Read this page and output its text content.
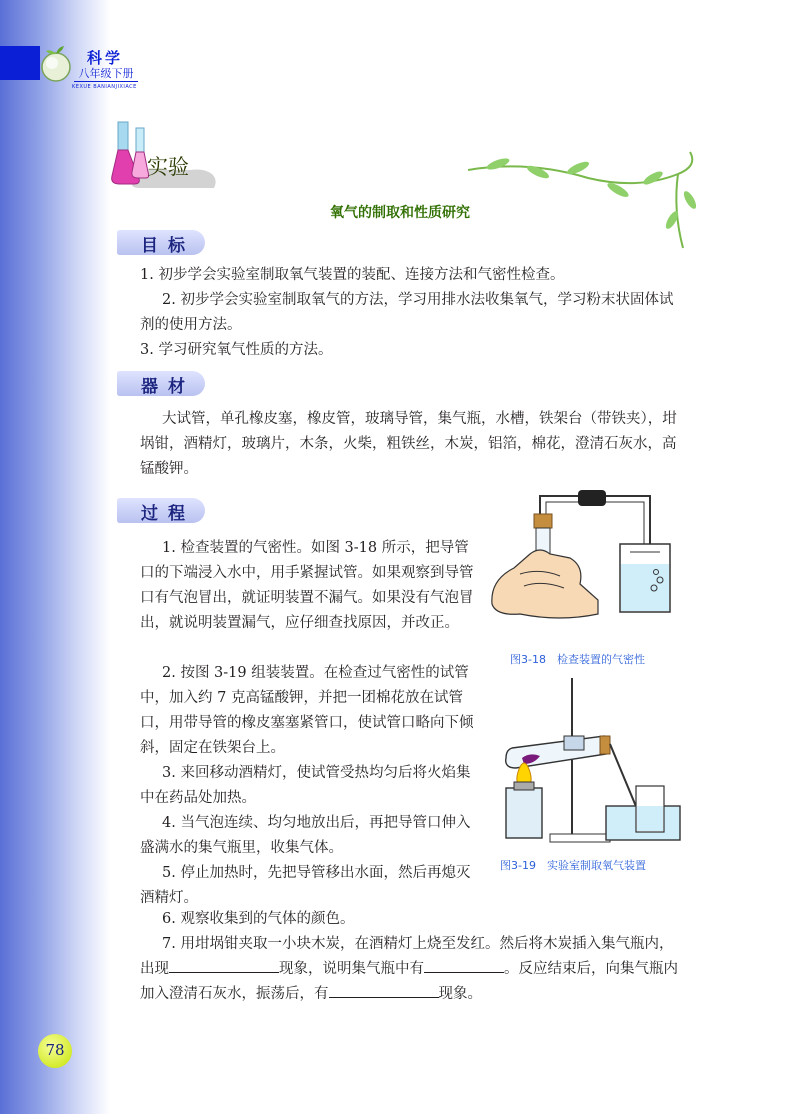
科学
八年级下册
KEXUE BANIANJIXIACE
实验
氧气的制取和性质研究
目标

1. 初步学会实验室制取氧气装置的装配、连接方法和气密性检查。

2. 初步学会实验室制取氧气的方法，学习用排水法收集氧气，学习粉末状固体试剂的使用方法。

3. 学习研究氧气性质的方法。

器材

大试管，单孔橡皮塞，橡皮管，玻璃导管，集气瓶，水槽，铁架台（带铁夹），坩埚钳，酒精灯，玻璃片，木条，火柴，粗铁丝，木炭，铝箔，棉花，澄清石灰水，高锰酸钾。

过程

1. 检查装置的气密性。如图 3-18 所示，把导管口的下端浸入水中，用手紧握试管。如果观察到导管口有气泡冒出，就证明装置不漏气。如果没有气泡冒出，就说明装置漏气，应仔细查找原因，并改正。

2. 按图 3-19 组装装置。在检查过气密性的试管中，加入约 7 克高锰酸钾，并把一团棉花放在试管口，用带导管的橡皮塞塞紧管口，使试管口略向下倾斜，固定在铁架台上。

3. 来回移动酒精灯，使试管受热均匀后将火焰集中在药品处加热。

4. 当气泡连续、均匀地放出后，再把导管口伸入盛满水的集气瓶里，收集气体。

5. 停止加热时，先把导管移出水面，然后再熄灭酒精灯。

6. 观察收集到的气体的颜色。

7. 用坩埚钳夹取一小块木炭，在酒精灯上烧至发红。然后将木炭插入集气瓶内，出现	现象，说明集气瓶中有	。反应结束后，向集气瓶内加入澄清石灰水，振荡后，有	现象。

图3-18　检查装置的气密性
图3-19　实验室制取氧气装置
78
